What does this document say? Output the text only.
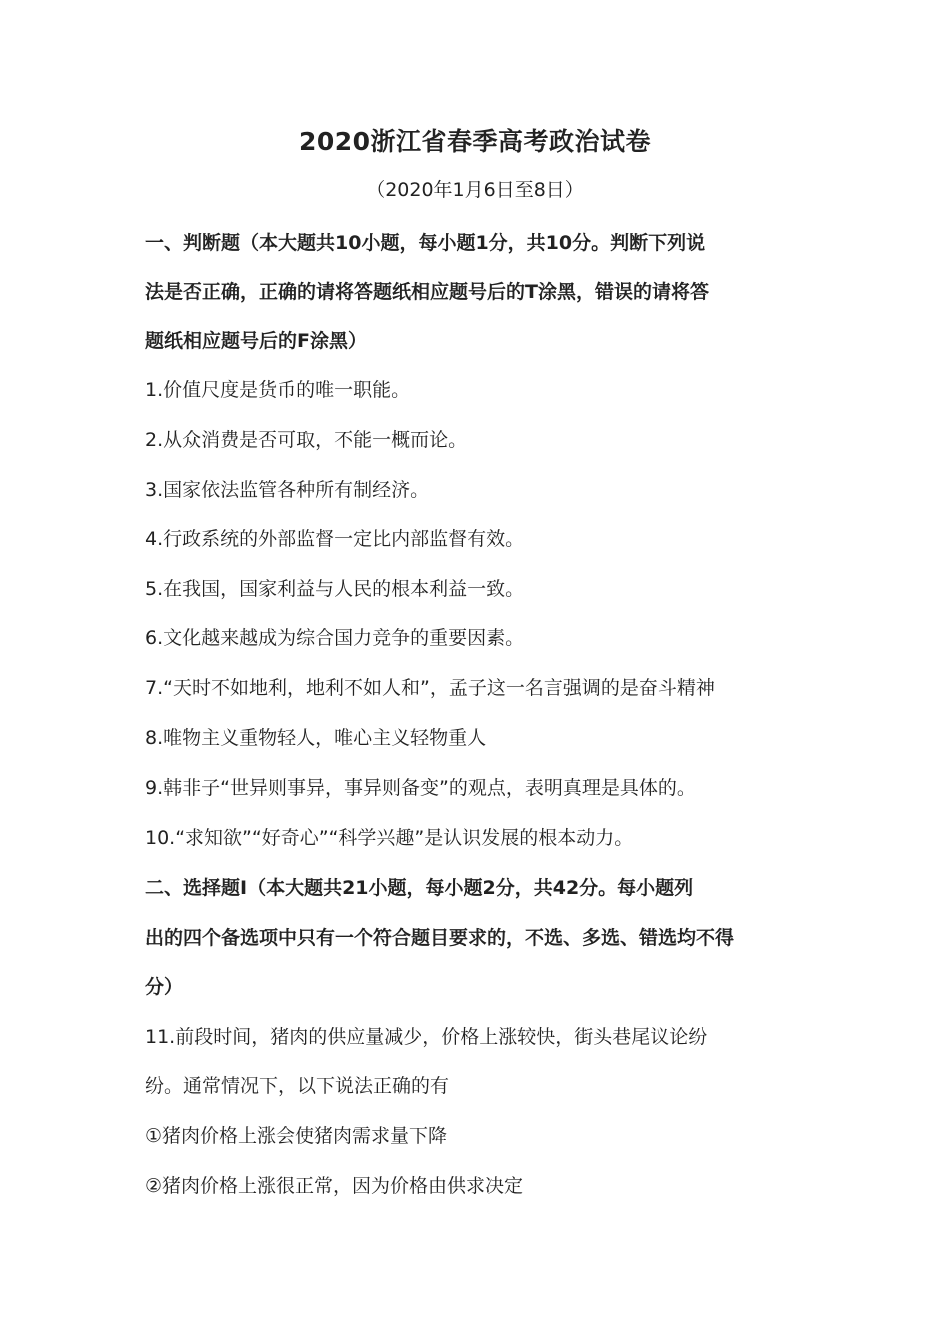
2020浙江省春季高考政治试卷
（2020年1月6日至8日）
一、判断题（本大题共10小题，每小题1分，共10分。判断下列说
法是否正确，正确的请将答题纸相应题号后的T涂黑，错误的请将答
题纸相应题号后的F涂黑）
1.价值尺度是货币的唯一职能。
2.从众消费是否可取，不能一概而论。
3.国家依法监管各种所有制经济。
4.行政系统的外部监督一定比内部监督有效。
5.在我国，国家利益与人民的根本利益一致。
6.文化越来越成为综合国力竞争的重要因素。
7.“天时不如地利，地利不如人和”，孟子这一名言强调的是奋斗精神
8.唯物主义重物轻人，唯心主义轻物重人
9.韩非子“世异则事异，事异则备变”的观点，表明真理是具体的。
10.“求知欲”“好奇心”“科学兴趣”是认识发展的根本动力。
二、选择题Ⅰ（本大题共21小题，每小题2分，共42分。每小题列
出的四个备选项中只有一个符合题目要求的，不选、多选、错选均不得
分）
11.前段时间，猪肉的供应量减少，价格上涨较快，街头巷尾议论纷
纷。通常情况下，以下说法正确的有
①猪肉价格上涨会使猪肉需求量下降
②猪肉价格上涨很正常，因为价格由供求决定
